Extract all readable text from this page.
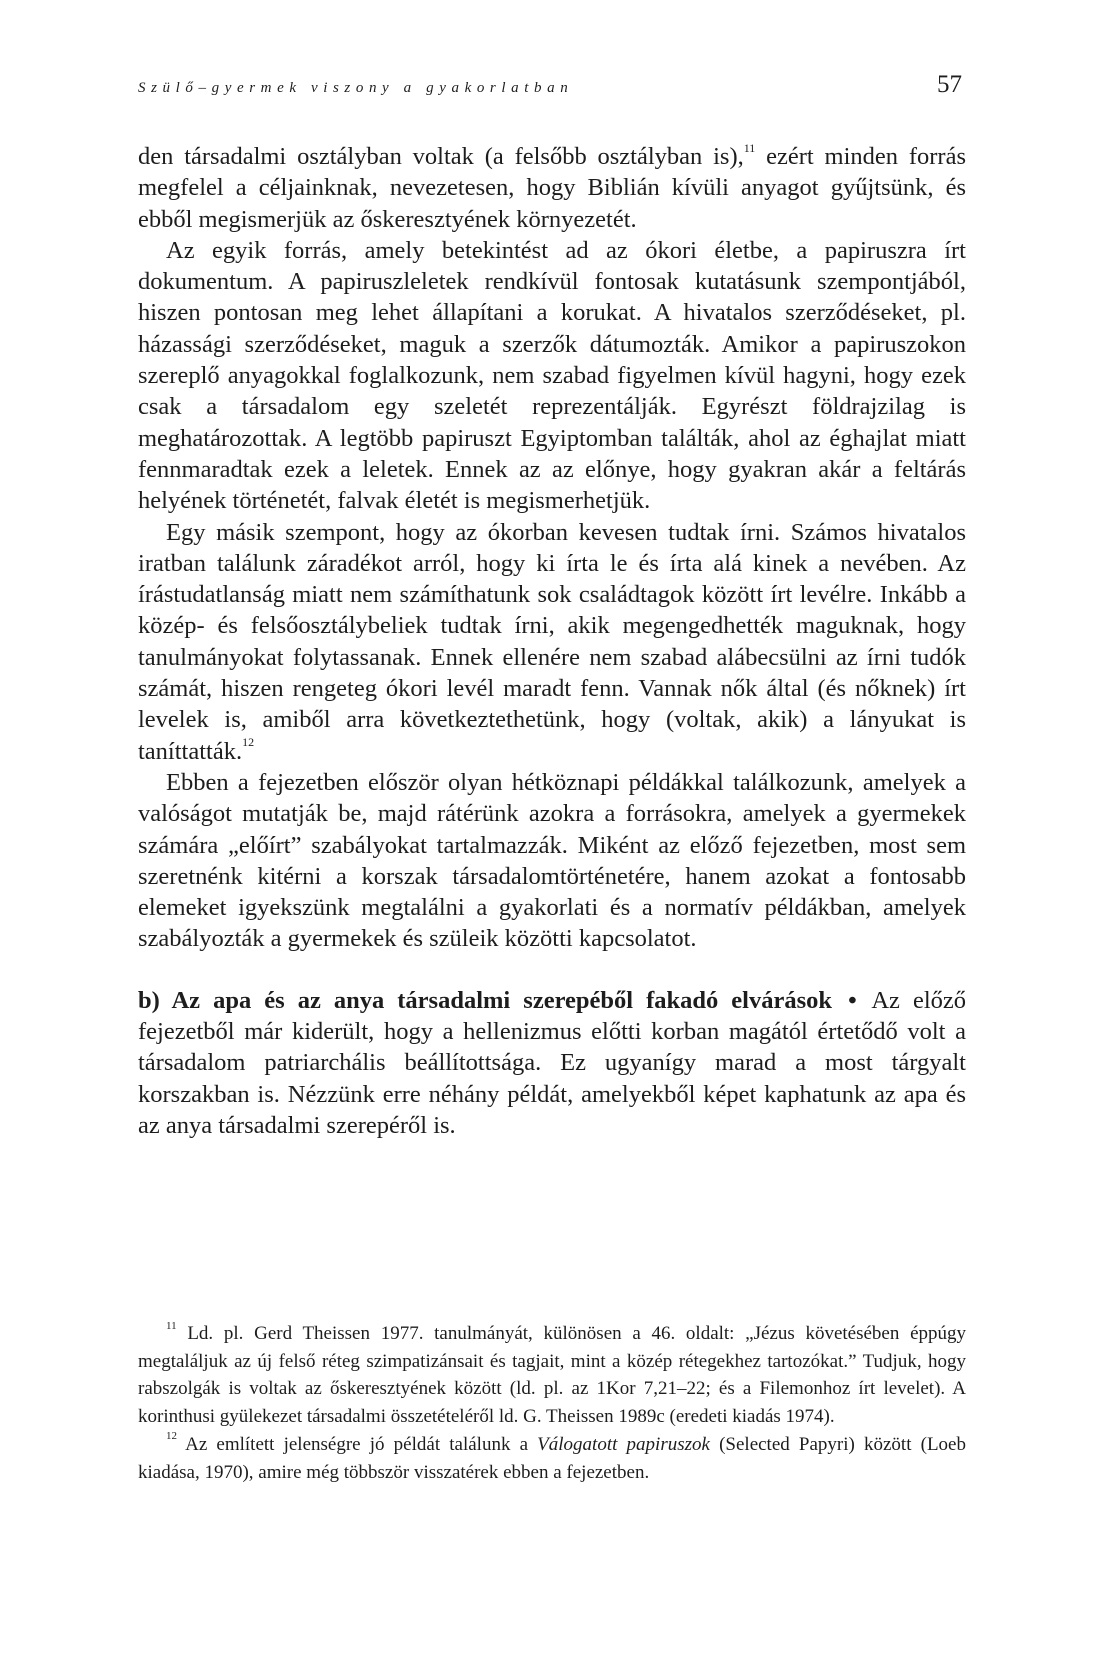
Szülő–gyermek viszony a gyakorlatban	57

den társadalmi osztályban voltak (a felsőbb osztályban is),$^{11}$ ezért minden forrás megfelel a céljainknak, nevezetesen, hogy Biblián kívüli anyagot gyűjtsünk, és ebből megismerjük az őskeresztyének környezetét.

Az egyik forrás, amely betekintést ad az ókori életbe, a papiruszra írt dokumentum. A papiruszleletek rendkívül fontosak kutatásunk szempontjából, hiszen pontosan meg lehet állapítani a korukat. A hivatalos szerződéseket, pl. házassági szerződéseket, maguk a szerzők dátumozták. Amikor a papiruszokon szereplő anyagokkal foglalkozunk, nem szabad figyelmen kívül hagyni, hogy ezek csak a társadalom egy szeletét reprezentálják. Egyrészt földrajzilag is meghatározottak. A legtöbb papiruszt Egyiptomban találták, ahol az éghajlat miatt fennmaradtak ezek a leletek. Ennek az az előnye, hogy gyakran akár a feltárás helyének történetét, falvak életét is megismerhetjük.

Egy másik szempont, hogy az ókorban kevesen tudtak írni. Számos hivatalos iratban találunk záradékot arról, hogy ki írta le és írta alá kinek a nevében. Az írástudatlanság miatt nem számíthatunk sok családtagok között írt levélre. Inkább a közép- és felsőosztálybeliek tudtak írni, akik megengedhették maguknak, hogy tanulmányokat folytassanak. Ennek ellenére nem szabad alábecsülni az írni tudók számát, hiszen rengeteg ókori levél maradt fenn. Vannak nők által (és nőknek) írt levelek is, amiből arra következtethetünk, hogy (voltak, akik) a lányukat is taníttatták.$^{12}$

Ebben a fejezetben először olyan hétköznapi példákkal találkozunk, amelyek a valóságot mutatják be, majd rátérünk azokra a forrásokra, amelyek a gyermekek számára „előírt” szabályokat tartalmazzák. Miként az előző fejezetben, most sem szeretnénk kitérni a korszak társadalomtörténetére, hanem azokat a fontosabb elemeket igyekszünk megtalálni a gyakorlati és a normatív példákban, amelyek szabályozták a gyermekek és szüleik közötti kapcsolatot.

b) Az apa és az anya társadalmi szerepéből fakadó elvárások • Az előző fejezetből már kiderült, hogy a hellenizmus előtti korban magától értetődő volt a társadalom patriarchális beállítottsága. Ez ugyanígy marad a most tárgyalt korszakban is. Nézzünk erre néhány példát, amelyekből képet kaphatunk az apa és az anya társadalmi szerepéről is.

$^{11}$ Ld. pl. Gerd Theissen 1977. tanulmányát, különösen a 46. oldalt: „Jézus követésében éppúgy megtaláljuk az új felső réteg szimpatizánsait és tagjait, mint a közép rétegekhez tartozókat.” Tudjuk, hogy rabszolgák is voltak az őskeresztyének között (ld. pl. az 1Kor 7,21–22; és a Filemonhoz írt levelet). A korinthusi gyülekezet társadalmi összetételéről ld. G. Theissen 1989c (eredeti kiadás 1974).

$^{12}$ Az említett jelenségre jó példát találunk a Válogatott papiruszok (Selected Papyri) között (Loeb kiadása, 1970), amire még többször visszatérek ebben a fejezetben.
